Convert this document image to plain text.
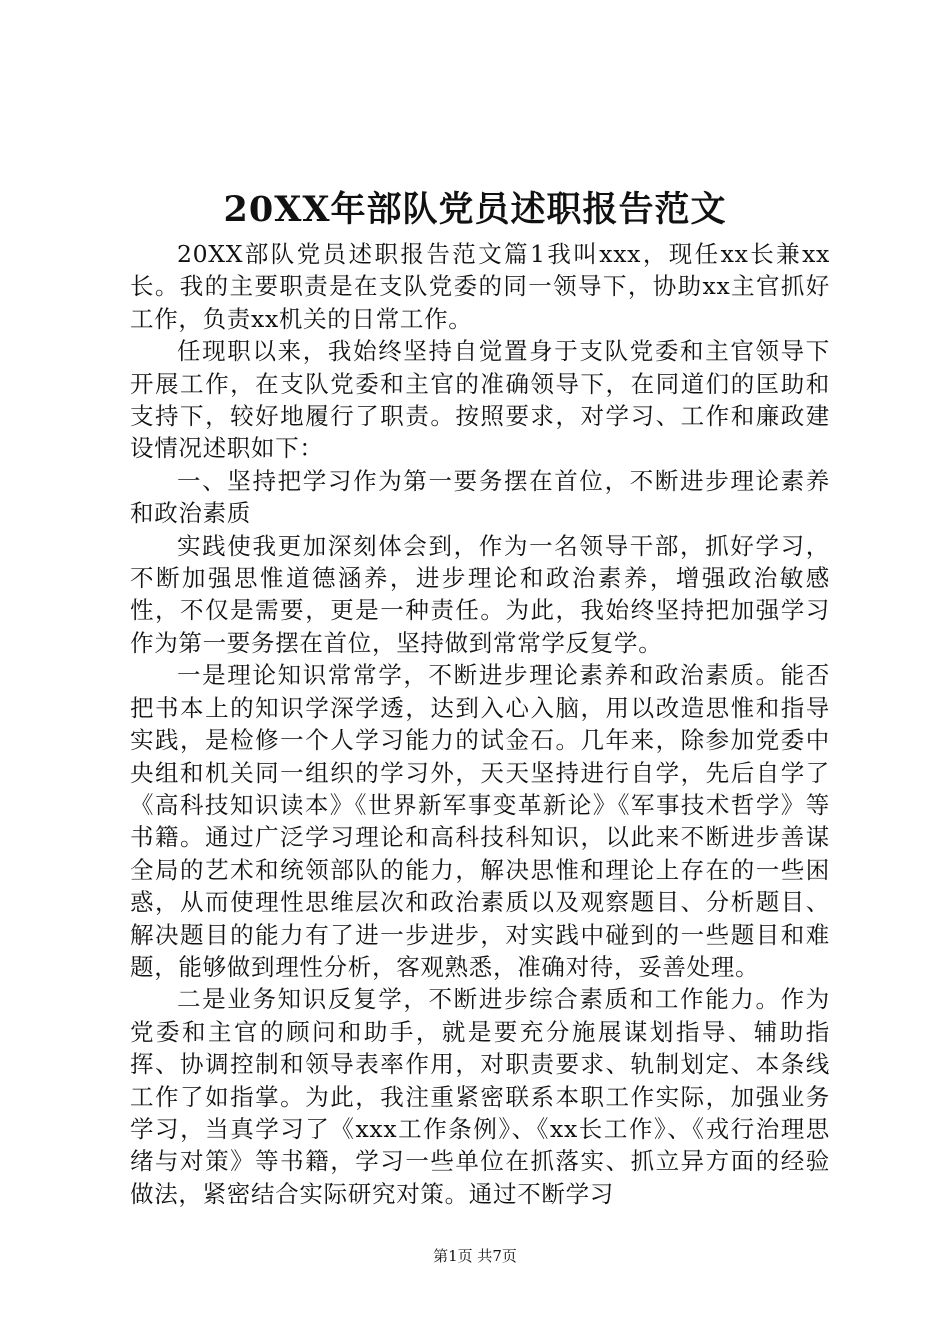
20XX年部队党员述职报告范文

20XX部队党员述职报告范文篇1我叫xxx，现任xx长兼xx长。我的主要职责是在支队党委的同一领导下，协助xx主官抓好工作，负责xx机关的日常工作。

任现职以来，我始终坚持自觉置身于支队党委和主官领导下开展工作，在支队党委和主官的准确领导下，在同道们的匡助和支持下，较好地履行了职责。按照要求，对学习、工作和廉政建设情况述职如下：

一、坚持把学习作为第一要务摆在首位，不断进步理论素养和政治素质

实践使我更加深刻体会到，作为一名领导干部，抓好学习，不断加强思惟道德涵养，进步理论和政治素养，增强政治敏感性，不仅是需要，更是一种责任。为此，我始终坚持把加强学习作为第一要务摆在首位，坚持做到常常学反复学。

一是理论知识常常学，不断进步理论素养和政治素质。能否把书本上的知识学深学透，达到入心入脑，用以改造思惟和指导实践，是检修一个人学习能力的试金石。几年来，除参加党委中央组和机关同一组织的学习外，天天坚持进行自学，先后自学了《高科技知识读本》《世界新军事变革新论》《军事技术哲学》等书籍。通过广泛学习理论和高科技科知识，以此来不断进步善谋全局的艺术和统领部队的能力，解决思惟和理论上存在的一些困惑，从而使理性思维层次和政治素质以及观察题目、分析题目、解决题目的能力有了进一步进步，对实践中碰到的一些题目和难题，能够做到理性分析，客观熟悉，准确对待，妥善处理。

二是业务知识反复学，不断进步综合素质和工作能力。作为党委和主官的顾问和助手，就是要充分施展谋划指导、辅助指挥、协调控制和领导表率作用，对职责要求、轨制划定、本条线工作了如指掌。为此，我注重紧密联系本职工作实际，加强业务学习，当真学习了《xxx工作条例》、《xx长工作》、《戎行治理思绪与对策》等书籍，学习一些单位在抓落实、抓立异方面的经验做法，紧密结合实际研究对策。通过不断学习

第1页 共7页
